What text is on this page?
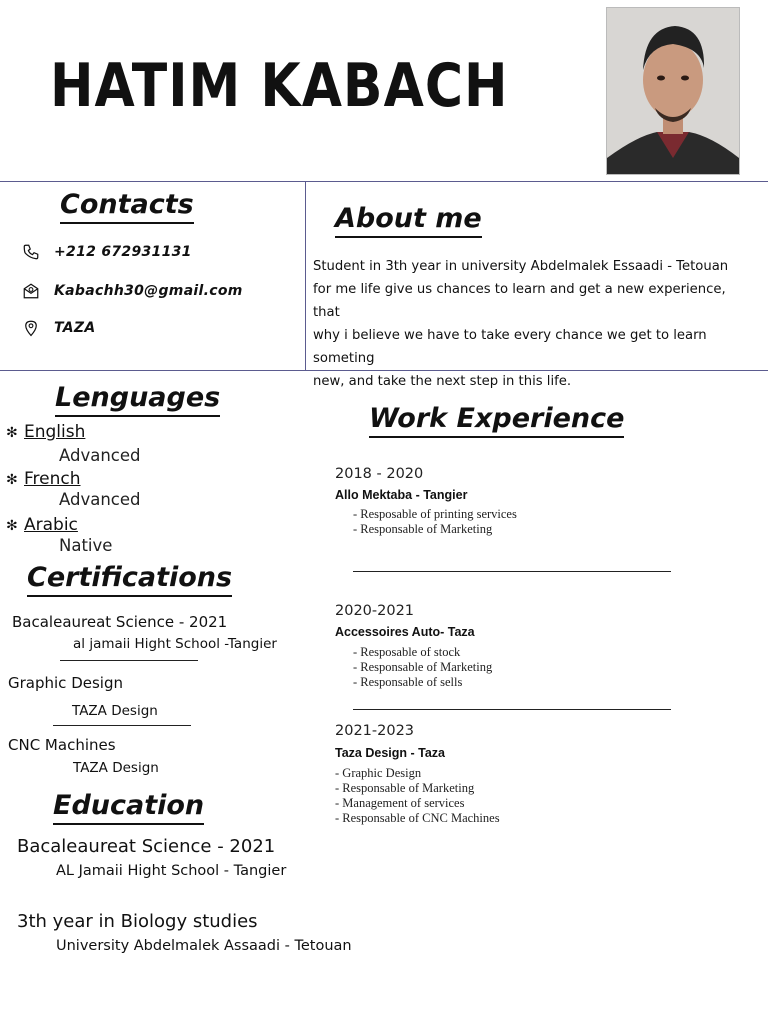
HATIM KABACH
Contacts
+212 672931131
Kabachh30@gmail.com
TAZA
About me
Student in 3th year in university Abdelmalek Essaadi - Tetouan
for me life give us chances to learn and get a new experience, that
why i believe we have to take every chance we get to learn someting
new, and take the next step in this life.
Lenguages
✻ English
Advanced
✻ French
Advanced
✻ Arabic
Native
Certifications
Bacaleaureat Science - 2021
al jamaii Hight School -Tangier
Graphic Design
TAZA Design
CNC Machines
TAZA Design
Education
Bacaleaureat Science - 2021
AL Jamaii Hight School - Tangier
3th year in Biology studies
University Abdelmalek Assaadi - Tetouan
Work Experience
2018 - 2020
Allo Mektaba - Tangier
- Resposable of printing services
- Responsable of Marketing
2020-2021
Accessoires Auto- Taza
- Resposable of stock
- Responsable of Marketing
- Responsable of sells
2021-2023
Taza Design - Taza
- Graphic Design
- Responsable of Marketing
- Management of services
- Responsable of CNC Machines
